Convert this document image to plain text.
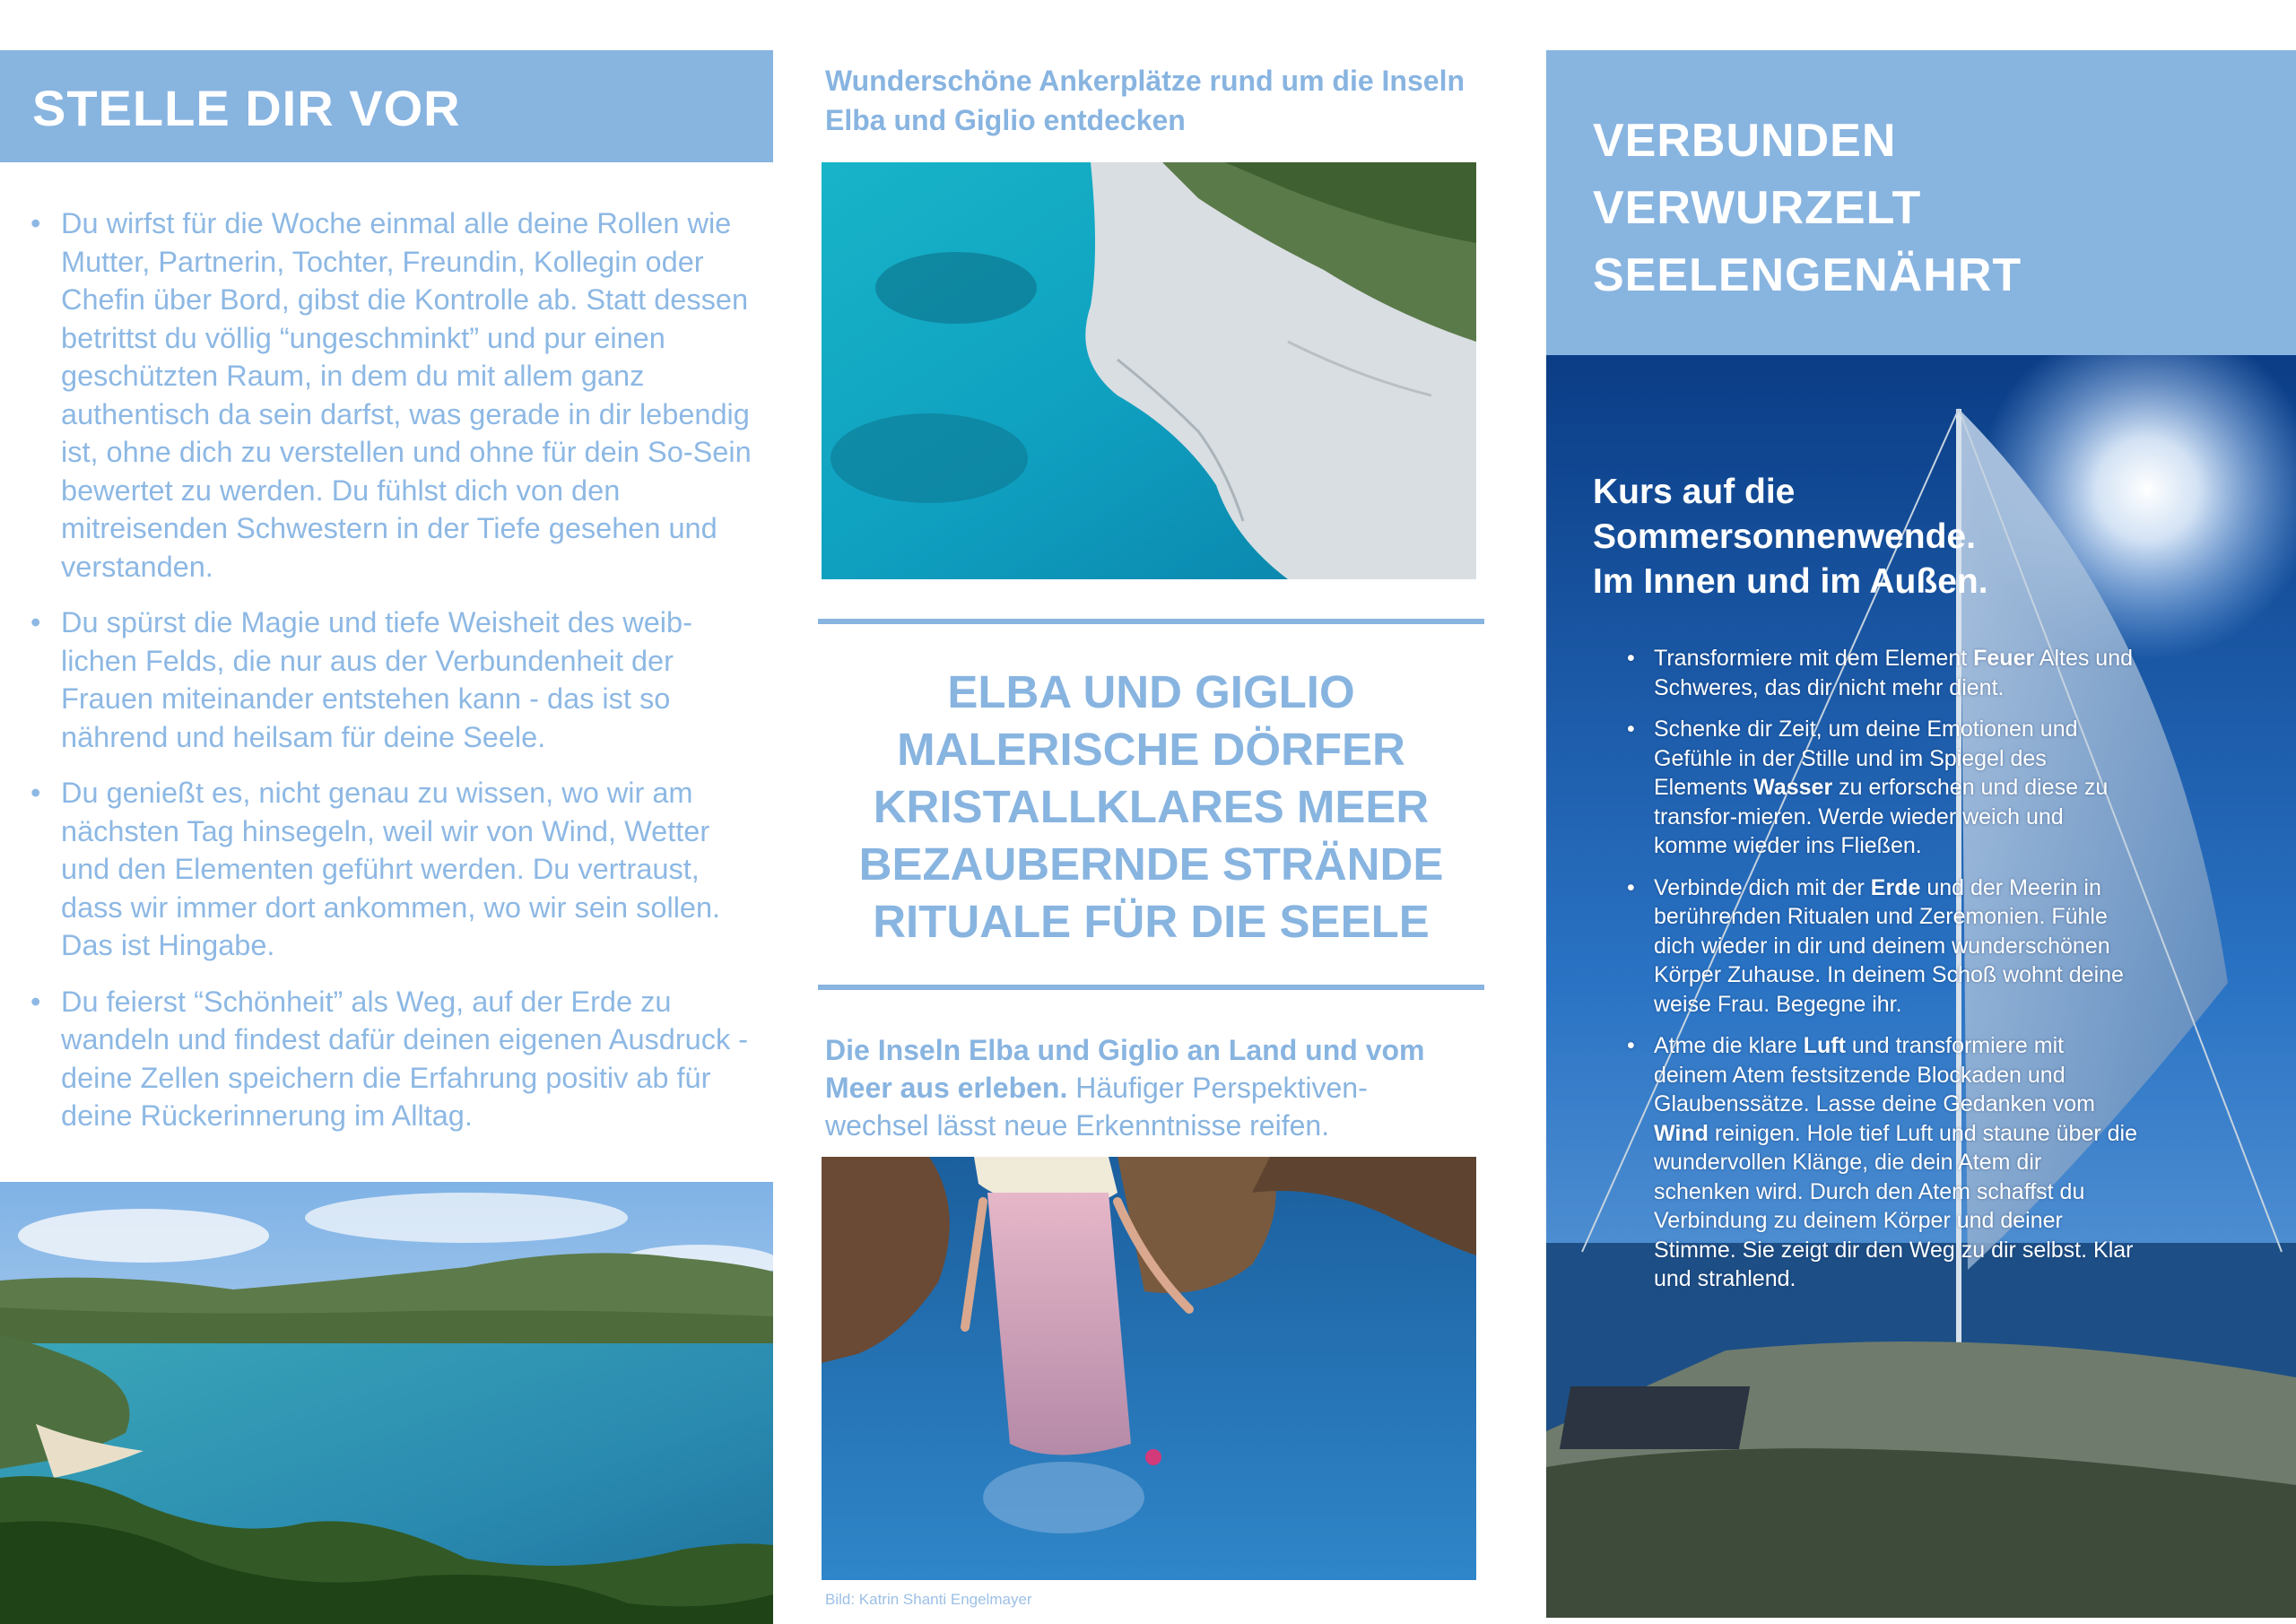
STELLE DIR VOR
• Du wirfst für die Woche einmal alle deine Rollen wie Mutter, Partnerin, Tochter, Freundin, Kollegin oder Chefin über Bord, gibst die Kontrolle ab. Statt dessen betrittst du völlig “ungeschminkt” und pur einen geschützten Raum, in dem du mit allem ganz authentisch da sein darfst, was gerade in dir lebendig ist, ohne dich zu verstellen und ohne für dein So-Sein bewertet zu werden. Du fühlst dich von den mitreisenden Schwestern in der Tiefe gesehen und verstanden.
• Du spürst die Magie und tiefe Weisheit des weib-lichen Felds, die nur aus der Verbundenheit der Frauen miteinander entstehen kann - das ist so nährend und heilsam für deine Seele.
• Du genießt es, nicht genau zu wissen, wo wir am nächsten Tag hinsegeln, weil wir von Wind, Wetter und den Elementen geführt werden. Du vertraust, dass wir immer dort ankommen, wo wir sein sollen. Das ist Hingabe.
• Du feierst “Schönheit” als Weg, auf der Erde zu wandeln und findest dafür deinen eigenen Ausdruck - deine Zellen speichern die Erfahrung positiv ab für deine Rückerinnerung im Alltag.
Wunderschöne Ankerplätze rund um die Inseln Elba und Giglio entdecken
ELBA UND GIGLIO
MALERISCHE DÖRFER
KRISTALLKLARES MEER
BEZAUBERNDE STRÄNDE
RITUALE FÜR DIE SEELE
Die Inseln Elba und Giglio an Land und vom Meer aus erleben. Häufiger Perspektiven-wechsel lässt neue Erkenntnisse reifen.
Bild: Katrin Shanti Engelmayer
VERBUNDEN
VERWURZELT
SEELENGENÄHRT
Kurs auf die
Sommersonnenwende.
Im Innen und im Außen.
• Transformiere mit dem Element Feuer Altes und Schweres, das dir nicht mehr dient.
• Schenke dir Zeit, um deine Emotionen und Gefühle in der Stille und im Spiegel des Elements Wasser zu erforschen und diese zu transfor-mieren. Werde wieder weich und komme wieder ins Fließen.
• Verbinde dich mit der Erde und der Meerin in berührenden Ritualen und Zeremonien. Fühle dich wieder in dir und deinem wunderschönen Körper Zuhause. In deinem Schoß wohnt deine weise Frau. Begegne ihr.
• Atme die klare Luft und transformiere mit deinem Atem festsitzende Blockaden und Glaubenssätze. Lasse deine Gedanken vom Wind reinigen. Hole tief Luft und staune über die wundervollen Klänge, die dein Atem dir schenken wird. Durch den Atem schaffst du Verbindung zu deinem Körper und deiner Stimme. Sie zeigt dir den Weg zu dir selbst. Klar und strahlend.
